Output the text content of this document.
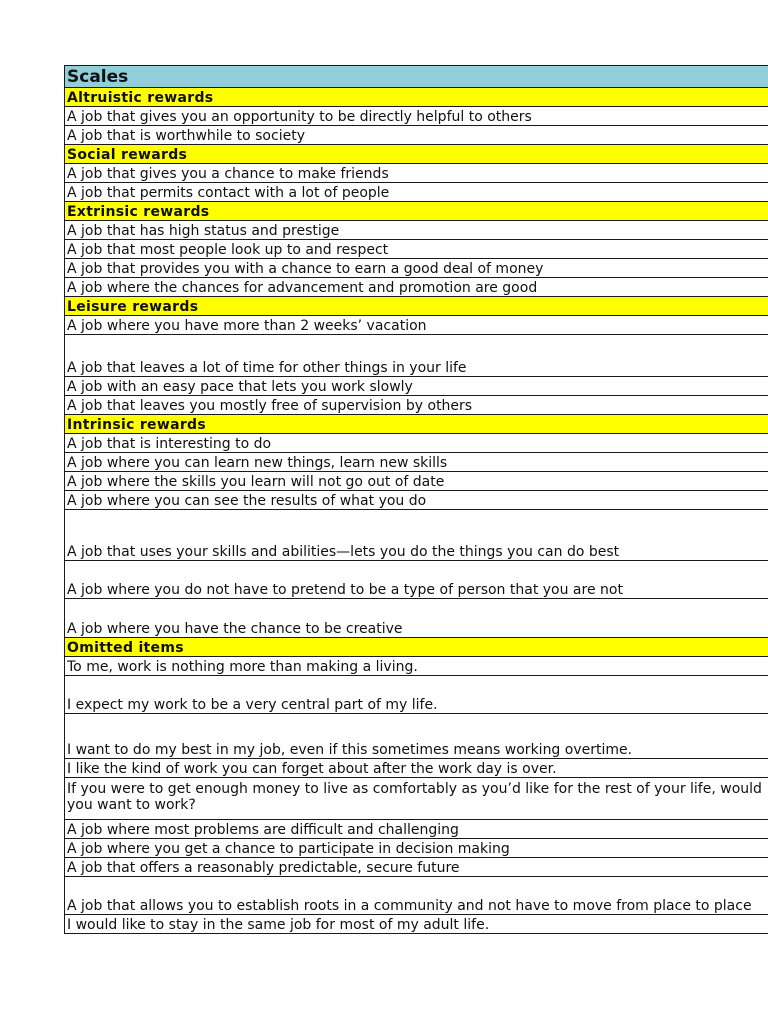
Scales
Altruistic rewards
A job that gives you an opportunity to be directly helpful to others
A job that is worthwhile to society
Social rewards
A job that gives you a chance to make friends
A job that permits contact with a lot of people
Extrinsic rewards
A job that has high status and prestige
A job that most people look up to and respect
A job that provides you with a chance to earn a good deal of money
A job where the chances for advancement and promotion are good
Leisure rewards
A job where you have more than 2 weeks’ vacation
A job that leaves a lot of time for other things in your life
A job with an easy pace that lets you work slowly
A job that leaves you mostly free of supervision by others
Intrinsic rewards
A job that is interesting to do
A job where you can learn new things, learn new skills
A job where the skills you learn will not go out of date
A job where you can see the results of what you do
A job that uses your skills and abilities—lets you do the things you can do best
A job where you do not have to pretend to be a type of person that you are not
A job where you have the chance to be creative
Omitted items
To me, work is nothing more than making a living.
I expect my work to be a very central part of my life.
I want to do my best in my job, even if this sometimes means working overtime.
I like the kind of work you can forget about after the work day is over.
If you were to get enough money to live as comfortably as you’d like for the rest of your life, would you want to work?
A job where most problems are difficult and challenging
A job where you get a chance to participate in decision making
A job that offers a reasonably predictable, secure future
A job that allows you to establish roots in a community and not have to move from place to place
I would like to stay in the same job for most of my adult life.
